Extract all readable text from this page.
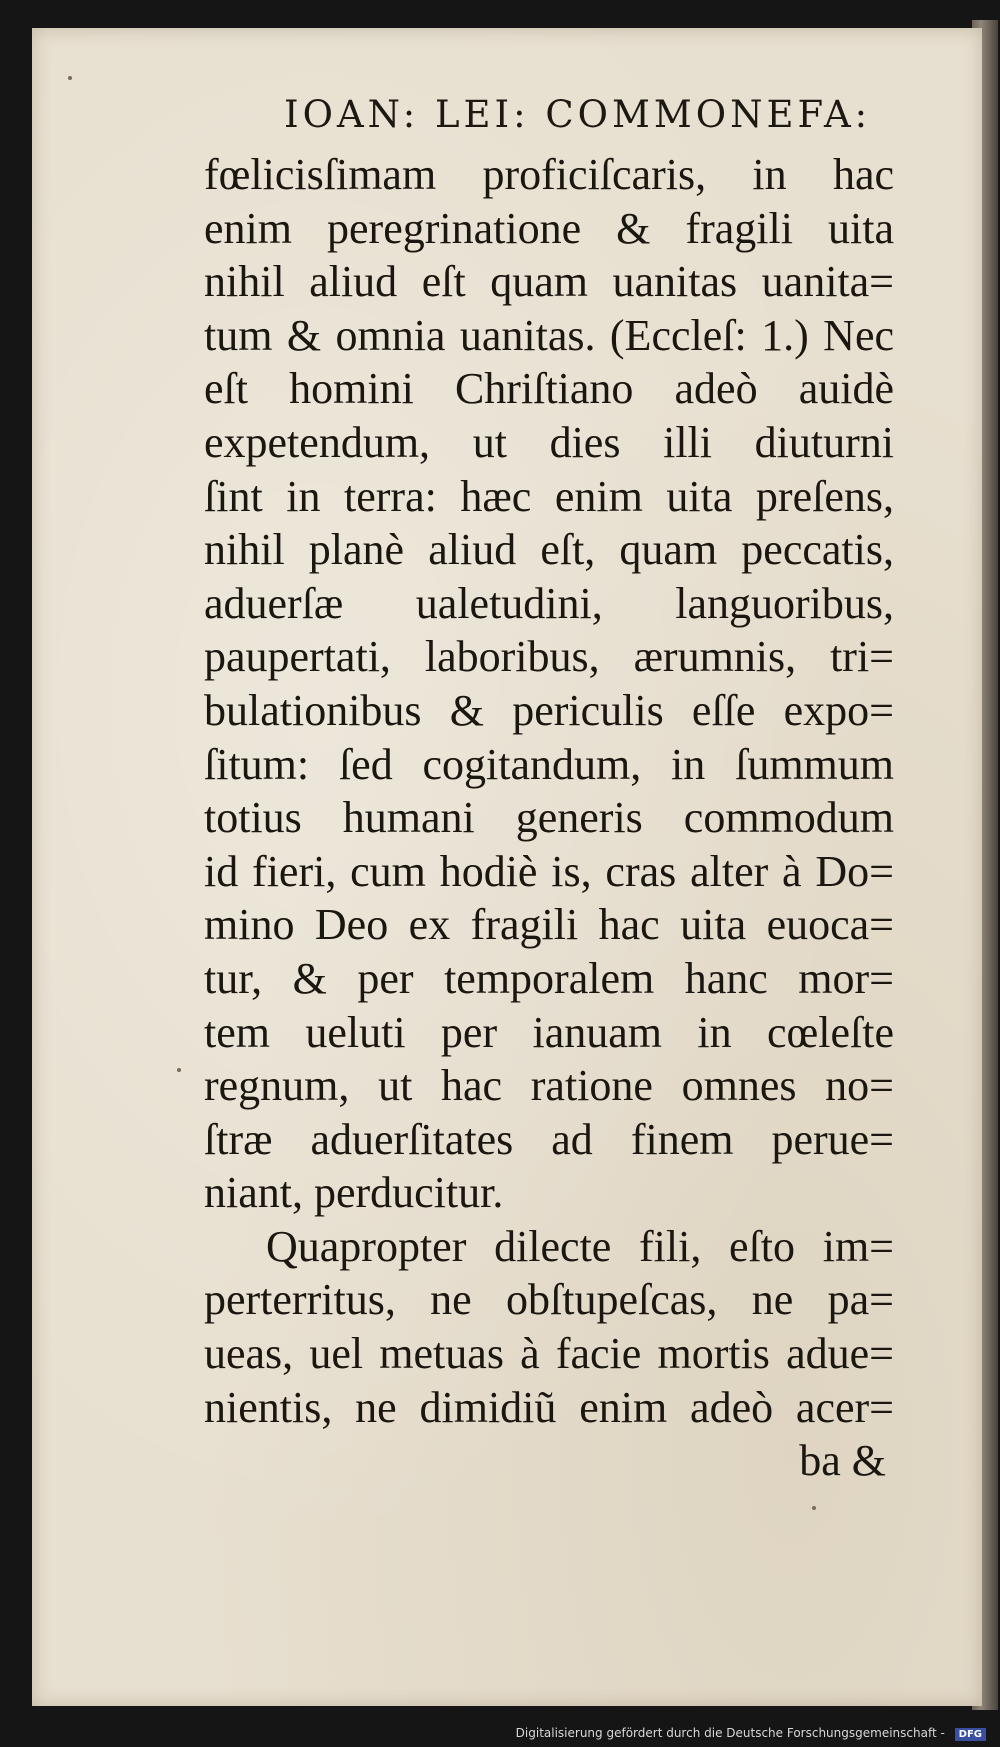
IOAN: LEI: COMMONEFA:
fœlicisſimam proficiſcaris, in hac
enim peregrinatione & fragili uita
nihil aliud eſt quam uanitas uanita=
tum & omnia uanitas. (Eccleſ: 1.) Nec
eſt homini Chriſtiano adeò auidè
expetendum, ut dies illi diuturni
ſint in terra: hæc enim uita preſens,
nihil planè aliud eſt, quam peccatis,
aduerſæ ualetudini, languoribus,
paupertati, laboribus, ærumnis, tri=
bulationibus & periculis eſſe expo=
ſitum: ſed cogitandum, in ſummum
totius humani generis commodum
id fieri, cum hodiè is, cras alter à Do=
mino Deo ex fragili hac uita euoca=
tur, & per temporalem hanc mor=
tem ueluti per ianuam in cœleſte
regnum, ut hac ratione omnes no=
ſtræ aduerſitates ad finem perue=
niant, perducitur.
Quapropter dilecte fili, eſto im=
perterritus, ne obſtupeſcas, ne pa=
ueas, uel metuas à facie mortis adue=
nientis, ne dimidiũ enim adeò acer=
ba &
Digitalisierung gefördert durch die Deutsche Forschungsgemeinschaft - DFG
